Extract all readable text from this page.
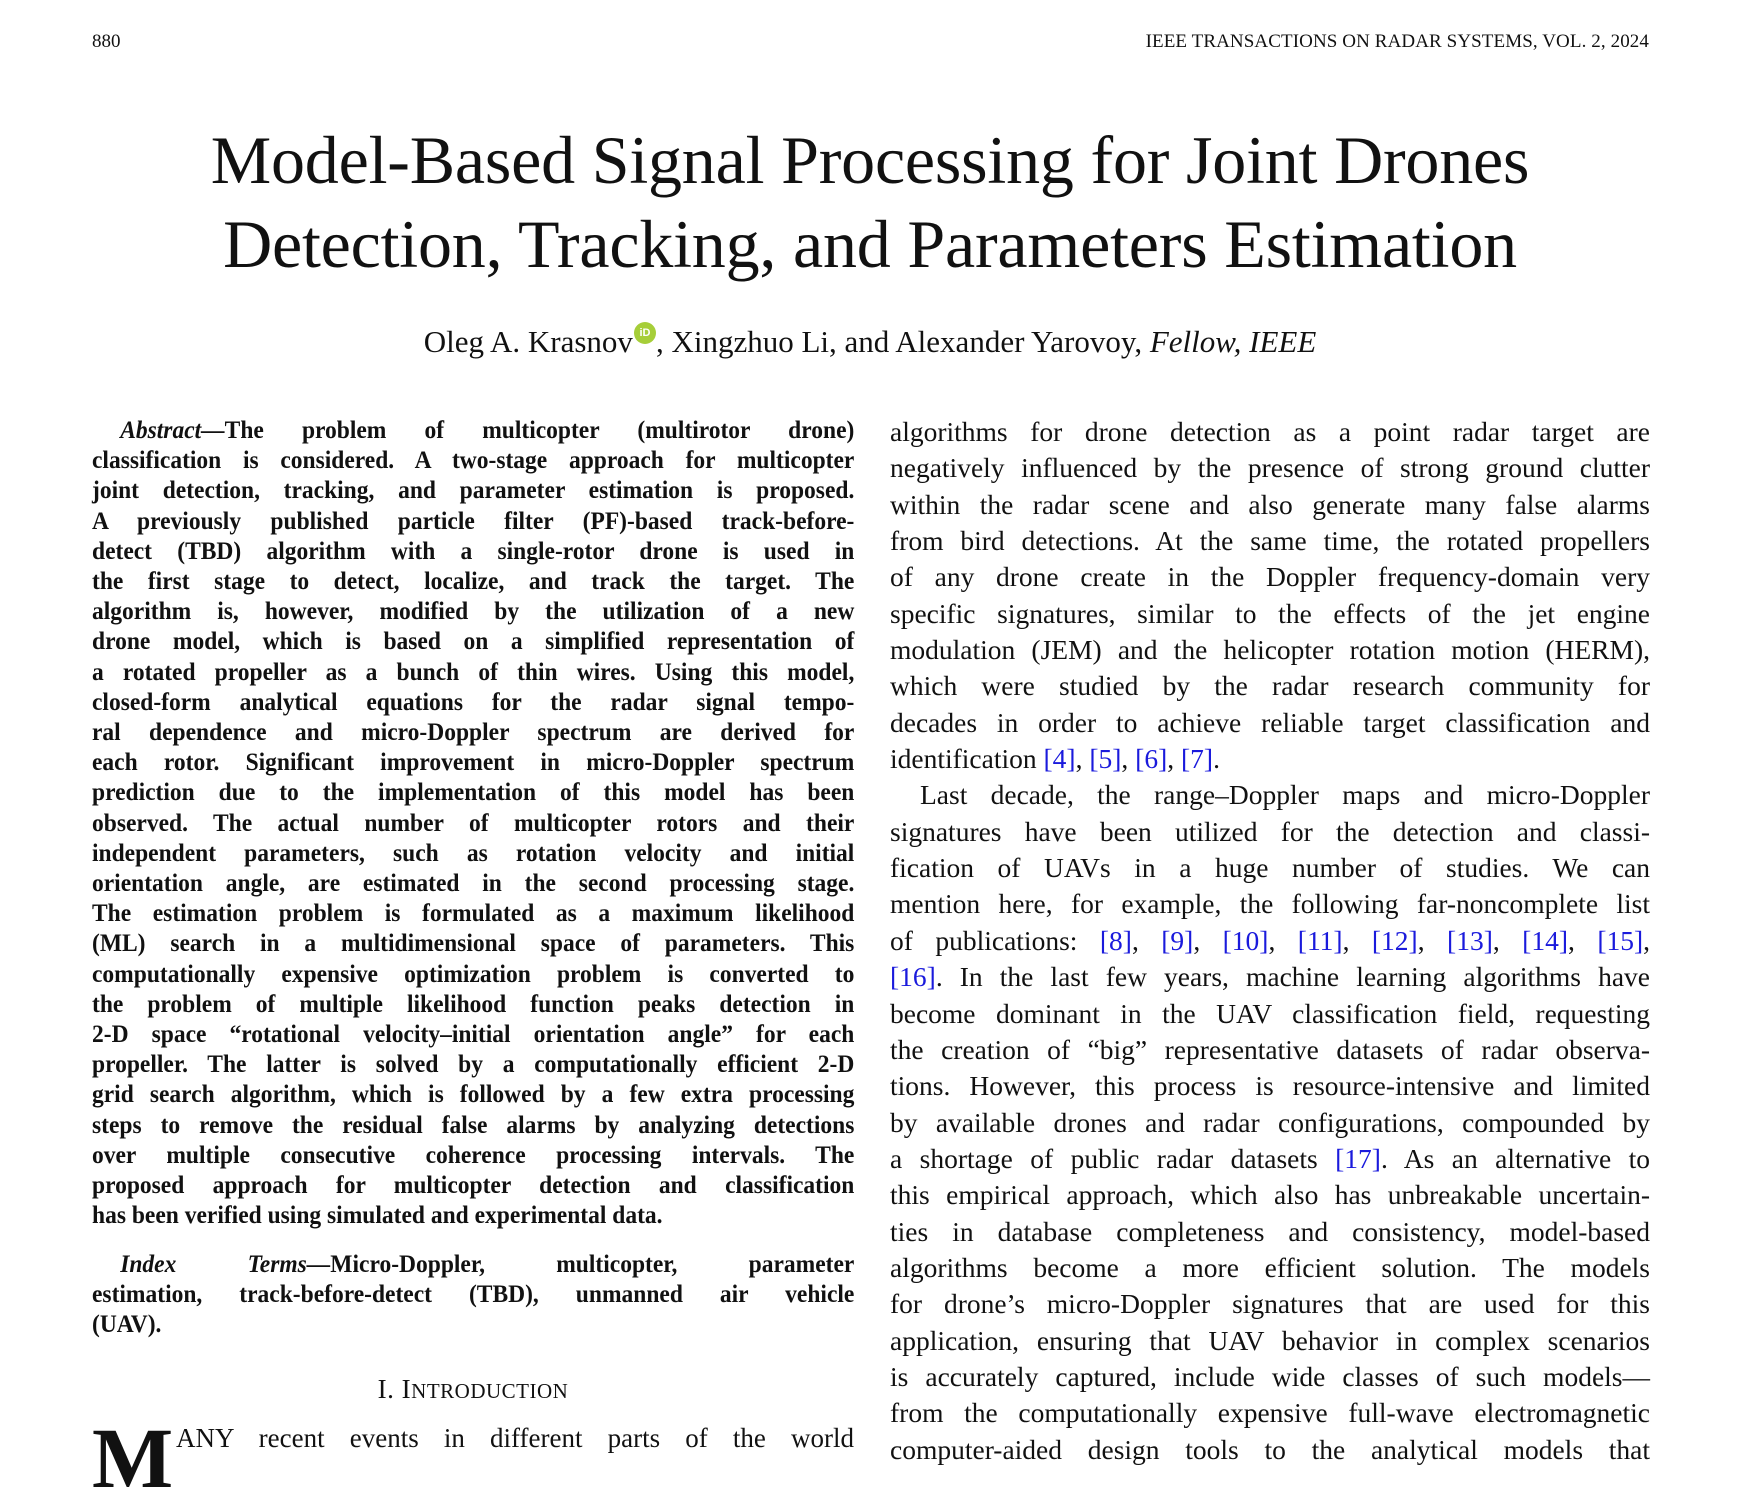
880	IEEE TRANSACTIONS ON RADAR SYSTEMS, VOL. 2, 2024
Model-Based Signal Processing for Joint Drones
Detection, Tracking, and Parameters Estimation
Oleg A. Krasnov iD , Xingzhuo Li, and Alexander Yarovoy, Fellow, IEEE
Abstract—The problem of multicopter (multirotor drone)
classification is considered. A two-stage approach for multicopter
joint detection, tracking, and parameter estimation is proposed.
A previously published particle filter (PF)-based track-before-
detect (TBD) algorithm with a single-rotor drone is used in
the first stage to detect, localize, and track the target. The
algorithm is, however, modified by the utilization of a new
drone model, which is based on a simplified representation of
a rotated propeller as a bunch of thin wires. Using this model,
closed-form analytical equations for the radar signal tempo-
ral dependence and micro-Doppler spectrum are derived for
each rotor. Significant improvement in micro-Doppler spectrum
prediction due to the implementation of this model has been
observed. The actual number of multicopter rotors and their
independent parameters, such as rotation velocity and initial
orientation angle, are estimated in the second processing stage.
The estimation problem is formulated as a maximum likelihood
(ML) search in a multidimensional space of parameters. This
computationally expensive optimization problem is converted to
the problem of multiple likelihood function peaks detection in
2-D space “rotational velocity–initial orientation angle” for each
propeller. The latter is solved by a computationally efficient 2-D
grid search algorithm, which is followed by a few extra processing
steps to remove the residual false alarms by analyzing detections
over multiple consecutive coherence processing intervals. The
proposed approach for multicopter detection and classification
has been verified using simulated and experimental data.
Index	Terms—Micro-Doppler, multicopter, parameter
estimation, track-before-detect (TBD), unmanned air vehicle
(UAV).
I. INTRODUCTION
M ANY recent events in different parts of the world
algorithms for drone detection as a point radar target are
negatively influenced by the presence of strong ground clutter
within the radar scene and also generate many false alarms
from bird detections. At the same time, the rotated propellers
of any drone create in the Doppler frequency-domain very
specific signatures, similar to the effects of the jet engine
modulation (JEM) and the helicopter rotation motion (HERM),
which were studied by the radar research community for
decades in order to achieve reliable target classification and
identification [4], [5], [6], [7].
Last decade, the range–Doppler maps and micro-Doppler
signatures have been utilized for the detection and classi-
fication of UAVs in a huge number of studies. We can
mention here, for example, the following far-noncomplete list
of publications: [8], [9], [10], [11], [12], [13], [14], [15],
[16]. In the last few years, machine learning algorithms have
become dominant in the UAV classification field, requesting
the creation of “big” representative datasets of radar observa-
tions. However, this process is resource-intensive and limited
by available drones and radar configurations, compounded by
a shortage of public radar datasets [17]. As an alternative to
this empirical approach, which also has unbreakable uncertain-
ties in database completeness and consistency, model-based
algorithms become a more efficient solution. The models
for drone’s micro-Doppler signatures that are used for this
application, ensuring that UAV behavior in complex scenarios
is accurately captured, include wide classes of such models—
from the computationally expensive full-wave electromagnetic
computer-aided design tools to the analytical models that
